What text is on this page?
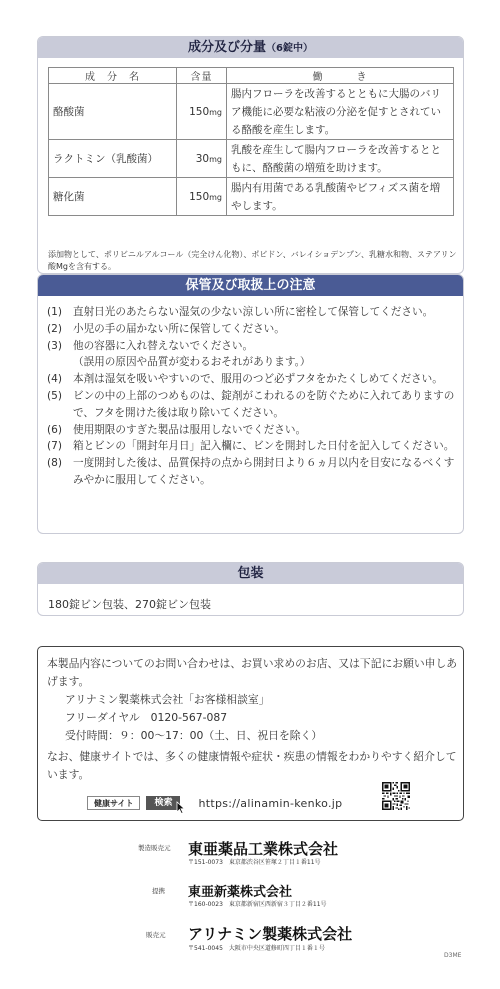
成分及び分量（6錠中）
成　分　名	含量	働　　　き
酪酸菌	150mg	腸内フローラを改善するとともに大腸のバリア機能に必要な粘液の分泌を促すとされている酪酸を産生します。
ラクトミン（乳酸菌）	30mg	乳酸を産生して腸内フローラを改善するとともに、酪酸菌の増殖を助けます。
糖化菌	150mg	腸内有用菌である乳酸菌やビフィズス菌を増やします。
添加物として、ポリビニルアルコール（完全けん化物）、ポビドン、バレイショデンプン、乳糖水和物、ステアリン酸Mgを含有する。
保管及び取扱上の注意
(1)	直射日光のあたらない湿気の少ない涼しい所に密栓して保管してください。
(2)	小児の手の届かない所に保管してください。
(3)	他の容器に入れ替えないでください。
（誤用の原因や品質が変わるおそれがあります。）
(4)	本剤は湿気を吸いやすいので、服用のつど必ずフタをかたくしめてください。
(5)	ビンの中の上部のつめものは、錠剤がこわれるのを防ぐために入れてありますので、フタを開けた後は取り除いてください。
(6)	使用期限のすぎた製品は服用しないでください。
(7)	箱とビンの「開封年月日」記入欄に、ビンを開封した日付を記入してください。
(8)	一度開封した後は、品質保持の点から開封日より６ヵ月以内を目安になるべくすみやかに服用してください。
包装
180錠ビン包装、270錠ビン包装
本製品内容についてのお問い合わせは、お買い求めのお店、又は下記にお願い申しあげます。
アリナミン製薬株式会社「お客様相談室」
フリーダイヤル　0120-567-087
受付時間：９：00～17：00（土、日、祝日を除く）
なお、健康サイトでは、多くの健康情報や症状・疾患の情報をわかりやすく紹介しています。
健康サイト	検索	https://alinamin-kenko.jp
製造販売元 東亜薬品工業株式会社
〒151-0073　東京都渋谷区笹塚２丁目１番11号
提携 東亜新薬株式会社
〒160-0023　東京都新宿区西新宿３丁目２番11号
販売元 アリナミン製薬株式会社
〒541-0045　大阪市中央区道修町四丁目１番１号
D3ME
